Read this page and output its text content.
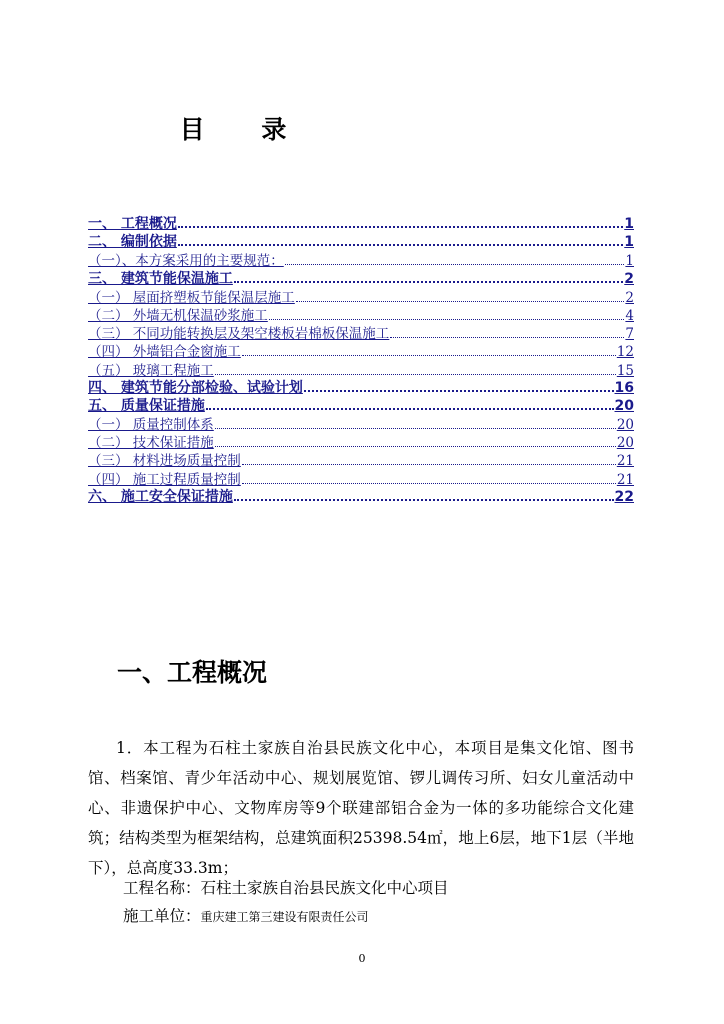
目 录
一、 工程概况	1
二、 编制依据	1
（一）、本方案采用的主要规范：	1
三、 建筑节能保温施工	2
（一） 屋面挤塑板节能保温层施工	2
（二） 外墙无机保温砂浆施工	4
（三） 不同功能转换层及架空楼板岩棉板保温施工	7
（四） 外墙铝合金窗施工	12
（五） 玻璃工程施工	15
四、 建筑节能分部检验、试验计划	16
五、 质量保证措施	20
（一） 质量控制体系	20
（二） 技术保证措施	20
（三） 材料进场质量控制	21
（四） 施工过程质量控制	21
六、 施工安全保证措施	22
一、工程概况

1．本工程为石柱土家族自治县民族文化中心，本项目是集文化馆、图书馆、档案馆、青少年活动中心、规划展览馆、锣儿调传习所、妇女儿童活动中心、非遗保护中心、文物库房等9个联建部铝合金为一体的多功能综合文化建筑；结构类型为框架结构，总建筑面积25398.54㎡，地上6层，地下1层（半地下），总高度33.3m；

工程名称：石柱土家族自治县民族文化中心项目
施工单位：重庆建工第三建设有限责任公司
0
